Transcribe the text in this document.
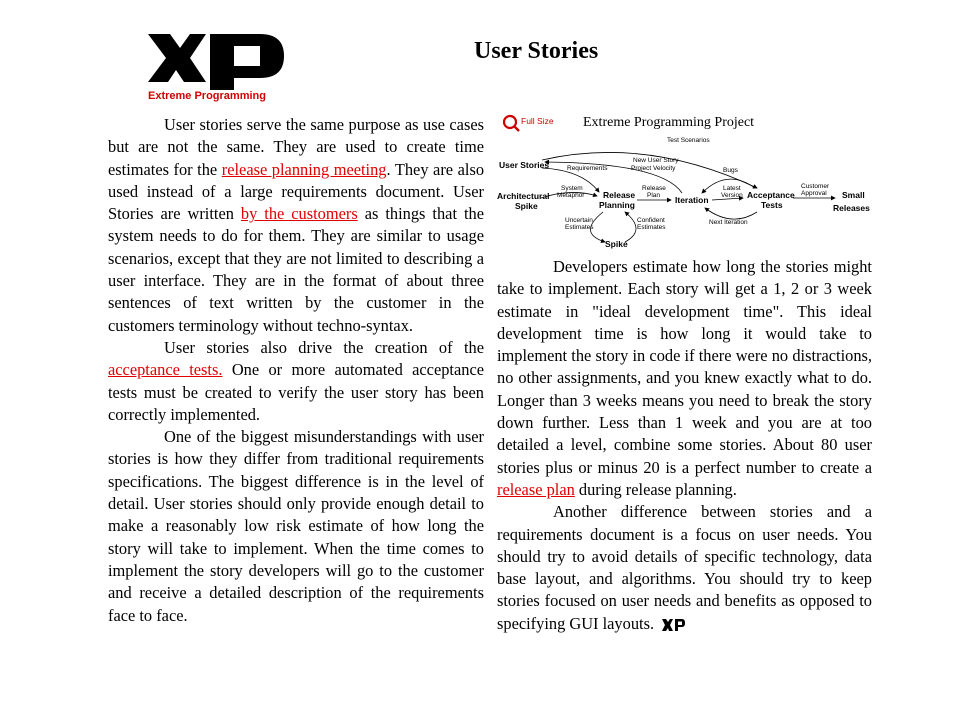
Extreme Programming
User Stories
Full Size Extreme Programming Project
User Stories
Architectural
Spike
Release
Planning	Iteration	Acceptance
Tests
Small
Releases
Spike
Test Scenarios
Requirements
New User Story
Project Velocity	Bugs
System
Metaphor
Release
Plan
Latest
Version
Customer
Approval
Uncertain
Estimates
Confident
Estimates
Next Iteration

User stories serve the same purpose as use cases but are not the same. They are used to create time estimates for the release planning meeting. They are also used instead of a large requirements document. User Stories are written by the customers as things that the system needs to do for them. They are similar to usage scenarios, except that they are not limited to describing a user interface. They are in the format of about three sentences of text written by the customer in the customers terminology without techno-syntax.

User stories also drive the creation of the acceptance tests. One or more automated acceptance tests must be created to verify the user story has been correctly implemented.

One of the biggest misunderstandings with user stories is how they differ from traditional requirements specifications. The biggest difference is in the level of detail. User stories should only provide enough detail to make a reasonably low risk estimate of how long the story will take to implement. When the time comes to implement the story developers will go to the customer and receive a detailed description of the requirements face to face.

Developers estimate how long the stories might take to implement. Each story will get a 1, 2 or 3 week estimate in "ideal development time". This ideal development time is how long it would take to implement the story in code if there were no distractions, no other assignments, and you knew exactly what to do. Longer than 3 weeks means you need to break the story down further. Less than 1 week and you are at too detailed a level, combine some stories. About 80 user stories plus or minus 20 is a perfect number to create a release plan during release planning.

Another difference between stories and a requirements document is a focus on user needs. You should try to avoid details of specific technology, data base layout, and algorithms. You should try to keep stories focused on user needs and benefits as opposed to specifying GUI layouts.
